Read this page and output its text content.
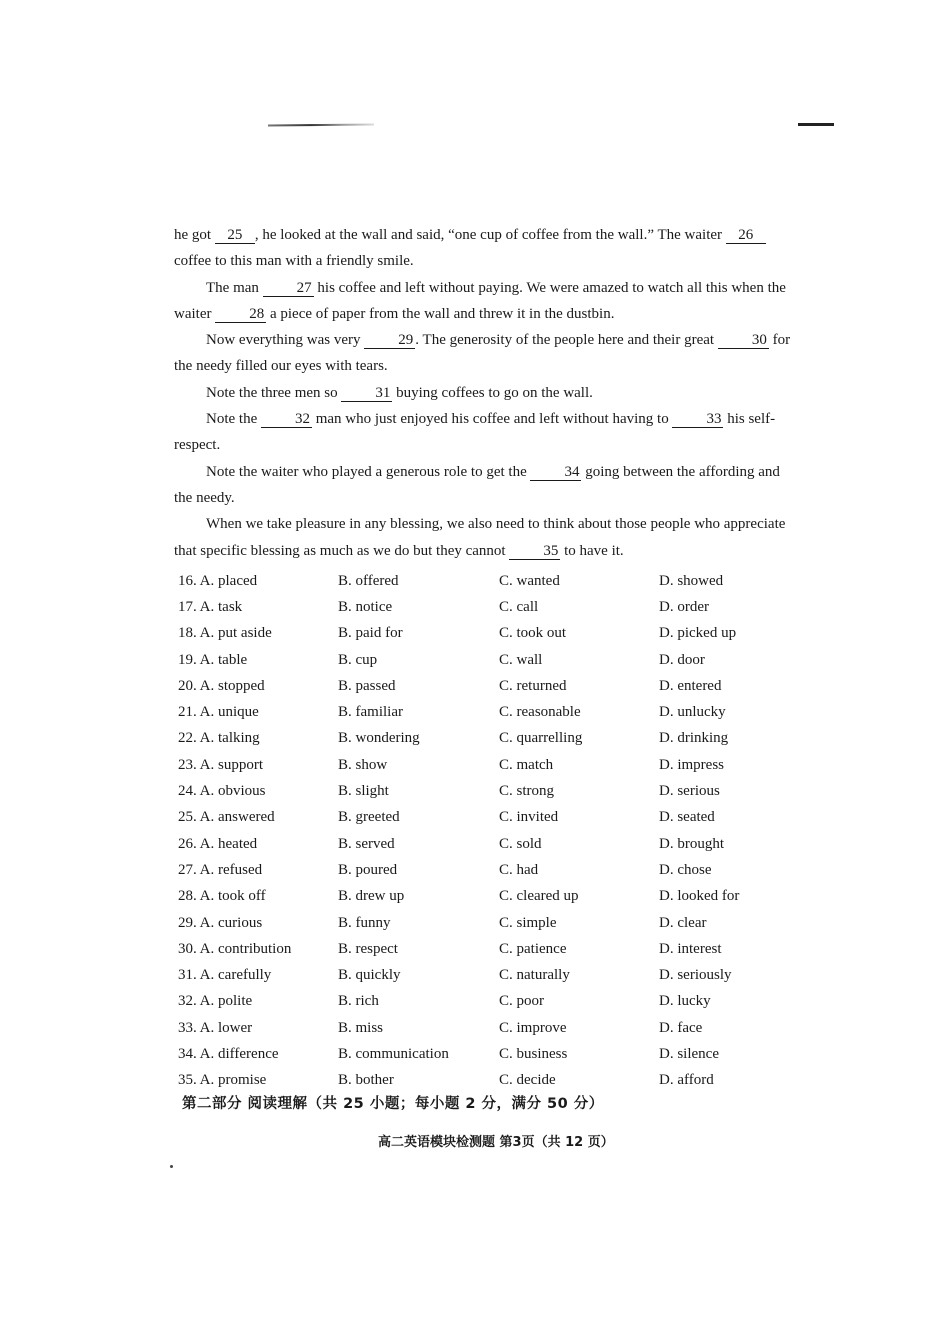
he got 25 , he looked at the wall and said, “one cup of coffee from the wall.” The waiter 26 coffee to this man with a friendly smile.

The man 27 his coffee and left without paying. We were amazed to watch all this when the waiter 28 a piece of paper from the wall and threw it in the dustbin.

Now everything was very 29 . The generosity of the people here and their great 30 for the needy filled our eyes with tears.

Note the three men so 31 buying coffees to go on the wall.

Note the 32 man who just enjoyed his coffee and left without having to 33 his self-respect.

Note the waiter who played a generous role to get the 34 going between the affording and the needy.

When we take pleasure in any blessing, we also need to think about those people who appreciate that specific blessing as much as we do but they cannot 35 to have it.

16. A. placed	B. offered	C. wanted	D. showed
17. A. task	B. notice	C. call	D. order
18. A. put aside	B. paid for	C. took out	D. picked up
19. A. table	B. cup	C. wall	D. door
20. A. stopped	B. passed	C. returned	D. entered
21. A. unique	B. familiar	C. reasonable	D. unlucky
22. A. talking	B. wondering	C. quarrelling	D. drinking
23. A. support	B. show	C. match	D. impress
24. A. obvious	B. slight	C. strong	D. serious
25. A. answered	B. greeted	C. invited	D. seated
26. A. heated	B. served	C. sold	D. brought
27. A. refused	B. poured	C. had	D. chose
28. A. took off	B. drew up	C. cleared up	D. looked for
29. A. curious	B. funny	C. simple	D. clear
30. A. contribution	B. respect	C. patience	D. interest
31. A. carefully	B. quickly	C. naturally	D. seriously
32. A. polite	B. rich	C. poor	D. lucky
33. A. lower	B. miss	C. improve	D. face
34. A. difference	B. communication	C. business	D. silence
35. A. promise	B. bother	C. decide	D. afford
第二部分 阅读理解（共 25 小题；每小题 2 分，满分 50 分）
高二英语模块检测题 第3页（共 12 页）
